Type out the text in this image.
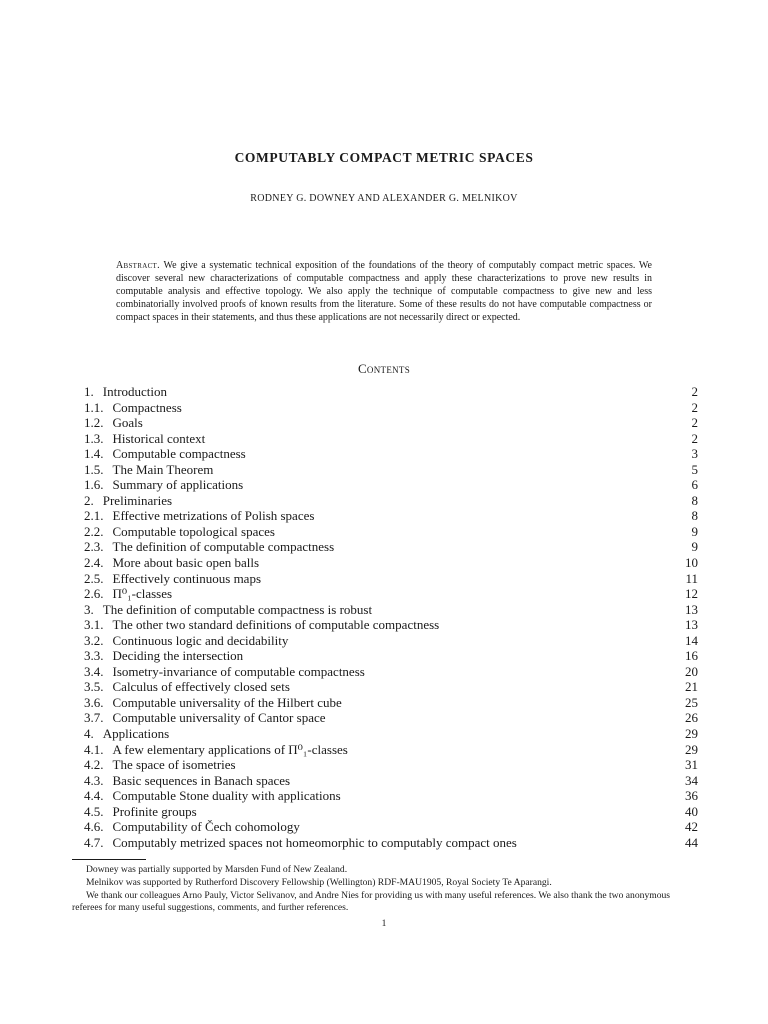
COMPUTABLY COMPACT METRIC SPACES
RODNEY G. DOWNEY AND ALEXANDER G. MELNIKOV
Abstract. We give a systematic technical exposition of the foundations of the theory of computably compact metric spaces. We discover several new characterizations of computable compactness and apply these characterizations to prove new results in computable analysis and effective topology. We also apply the technique of computable compactness to give new and less combinatorially involved proofs of known results from the literature. Some of these results do not have computable compactness or compact spaces in their statements, and thus these applications are not necessarily direct or expected.
Contents
1. Introduction	2
1.1. Compactness	2
1.2. Goals	2
1.3. Historical context	2
1.4. Computable compactness	3
1.5. The Main Theorem	5
1.6. Summary of applications	6
2. Preliminaries	8
2.1. Effective metrizations of Polish spaces	8
2.2. Computable topological spaces	9
2.3. The definition of computable compactness	9
2.4. More about basic open balls	10
2.5. Effectively continuous maps	11
2.6. Π⁰₁-classes	12
3. The definition of computable compactness is robust	13
3.1. The other two standard definitions of computable compactness	13
3.2. Continuous logic and decidability	14
3.3. Deciding the intersection	16
3.4. Isometry-invariance of computable compactness	20
3.5. Calculus of effectively closed sets	21
3.6. Computable universality of the Hilbert cube	25
3.7. Computable universality of Cantor space	26
4. Applications	29
4.1. A few elementary applications of Π⁰₁-classes	29
4.2. The space of isometries	31
4.3. Basic sequences in Banach spaces	34
4.4. Computable Stone duality with applications	36
4.5. Profinite groups	40
4.6. Computability of Čech cohomology	42
4.7. Computably metrized spaces not homeomorphic to computably compact ones	44

Downey was partially supported by Marsden Fund of New Zealand.

Melnikov was supported by Rutherford Discovery Fellowship (Wellington) RDF-MAU1905, Royal Society Te Aparangi.

We thank our colleagues Arno Pauly, Victor Selivanov, and Andre Nies for providing us with many useful references. We also thank the two anonymous referees for many useful suggestions, comments, and further references.

1
